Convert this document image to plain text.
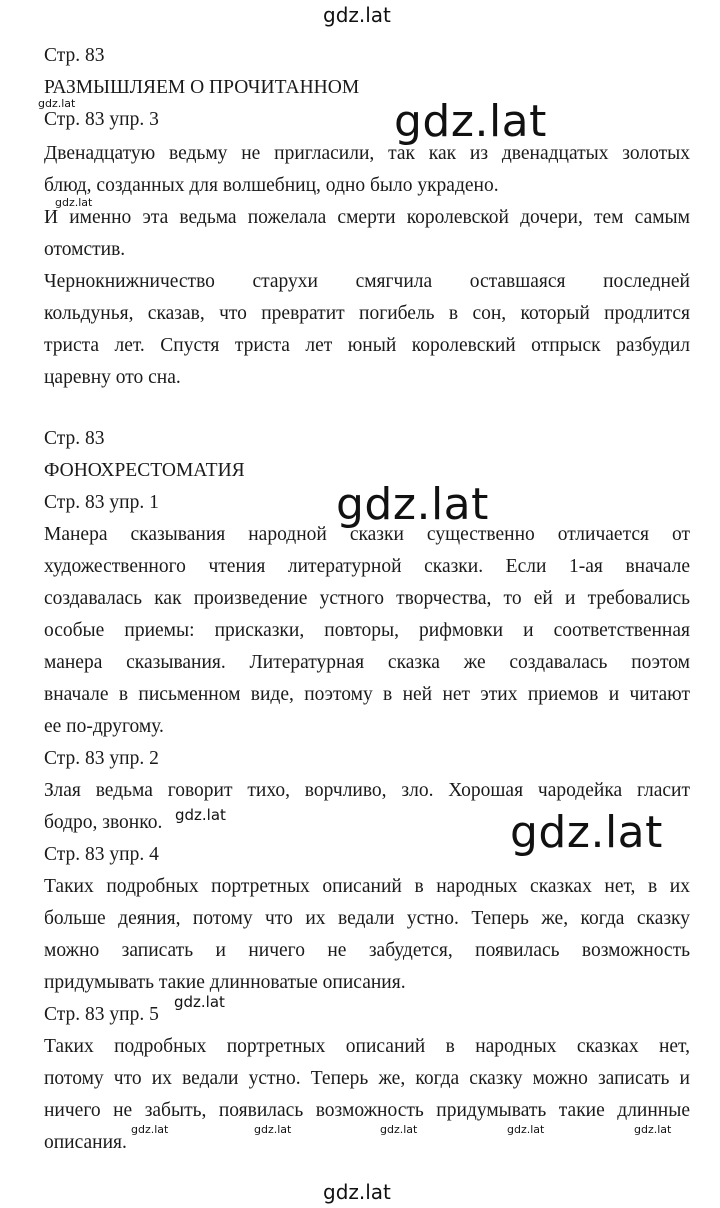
gdz.lat
Стр. 83
РАЗМЫШЛЯЕМ О ПРОЧИТАННОМ
gdz.lat
Стр. 83 упр. 3	gdz.lat
Двенадцатую ведьму не пригласили, так как из двенадцатых золотых
блюд, созданных для волшебниц, одно было украдено.
gdz.lat
И именно эта ведьма пожелала смерти королевской дочери, тем самым
отомстив.
Чернокнижничество старухи смягчила оставшаяся последней
кольдунья, сказав, что превратит погибель в сон, который продлится
триста лет. Спустя триста лет юный королевский отпрыск разбудил
царевну ото сна.
Стр. 83
ФОНОХРЕСТОМАТИЯ
Стр. 83 упр. 1	gdz.lat
Манера сказывания народной сказки существенно отличается от
художественного чтения литературной сказки. Если 1-ая вначале
создавалась как произведение устного творчества, то ей и требовались
особые приемы: присказки, повторы, рифмовки и соответственная
манера сказывания. Литературная сказка же создавалась поэтом
вначале в письменном виде, поэтому в ней нет этих приемов и читают
ее по-другому.
Стр. 83 упр. 2
Злая ведьма говорит тихо, ворчливо, зло. Хорошая чародейка гласит
бодро, звонко. gdz.lat	gdz.lat
Стр. 83 упр. 4
Таких подробных портретных описаний в народных сказках нет, в их
больше деяния, потому что их ведали устно. Теперь же, когда сказку
можно записать и ничего не забудется, появилась возможность
придумывать такие длинноватые описания.
Стр. 83 упр. 5
gdz.lat
Таких подробных портретных описаний в народных сказках нет,
потому что их ведали устно. Теперь же, когда сказку можно записать и
ничего не забыть, появилась возможность придумывать такие длинные
описания.
gdz.lat	gdz.lat	gdz.lat	gdz.lat	gdz.lat
gdz.lat
